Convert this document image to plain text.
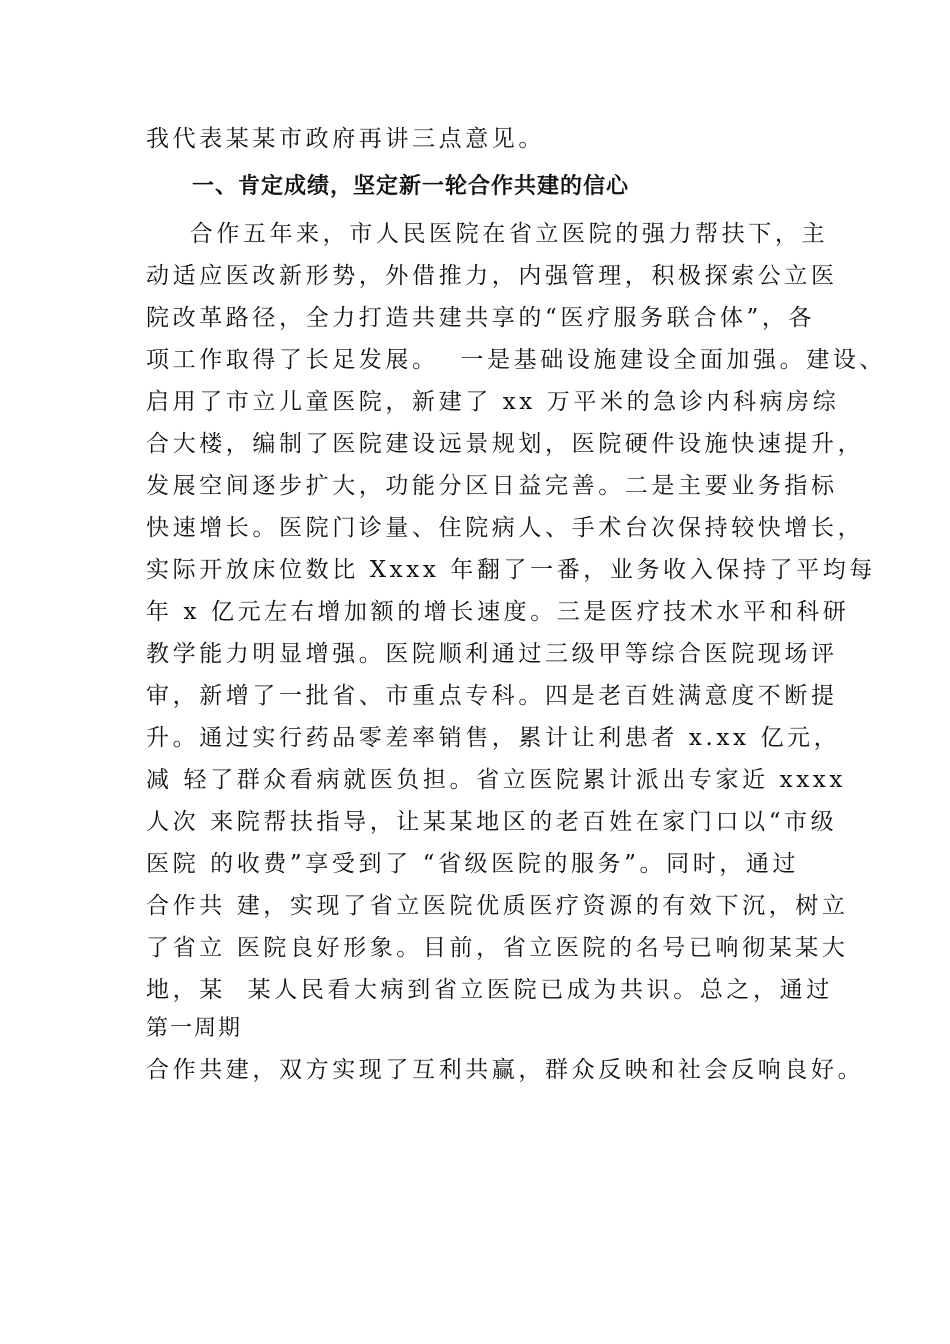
我代表某某市政府再讲三点意见。

一、肯定成绩，坚定新一轮合作共建的信心

合作五年来，市人民医院在省立医院的强力帮扶下，主

动适应医改新形势，外借推力，内强管理，积极探索公立医

院改革路径，全力打造共建共享的“医疗服务联合体”，各

项工作取得了长足发展。  一是基础设施建设全面加强。建设、

启用了市立儿童医院，新建了 xx 万平米的急诊内科病房综

合大楼，编制了医院建设远景规划，医院硬件设施快速提升，

发展空间逐步扩大，功能分区日益完善。二是主要业务指标

快速增长。医院门诊量、住院病人、手术台次保持较快增长，

实际开放床位数比 Xxxx 年翻了一番，业务收入保持了平均每

年 x 亿元左右增加额的增长速度。三是医疗技术水平和科研

教学能力明显增强。医院顺利通过三级甲等综合医院现场评

审，新增了一批省、市重点专科。四是老百姓满意度不断提

升。通过实行药品零差率销售，累计让利患者 x.xx 亿元，

减 轻了群众看病就医负担。省立医院累计派出专家近 xxxx

人次 来院帮扶指导，让某某地区的老百姓在家门口以“市级

医院 的收费”享受到了 “省级医院的服务”。同时，通过

合作共 建，实现了省立医院优质医疗资源的有效下沉，树立

了省立 医院良好形象。目前，省立医院的名号已响彻某某大

地，某  某人民看大病到省立医院已成为共识。总之，通过

第一周期

合作共建，双方实现了互利共赢，群众反映和社会反响良好。
